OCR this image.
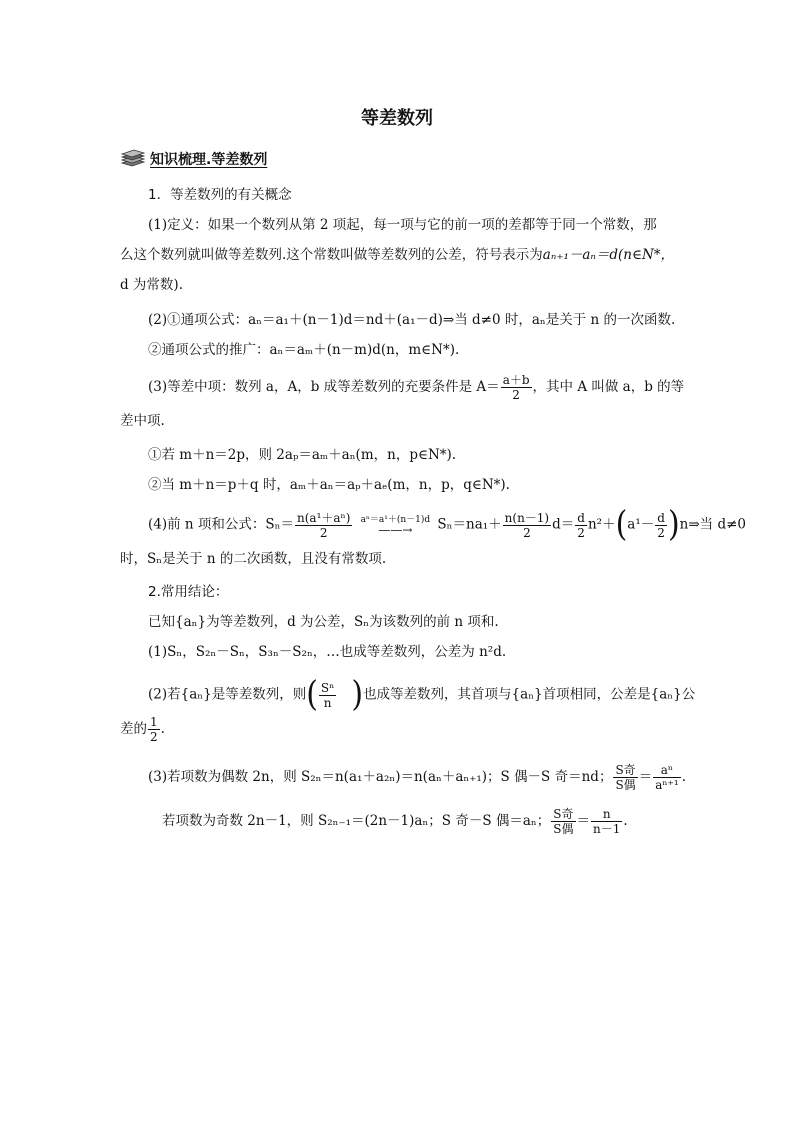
等差数列
知识梳理.等差数列
1．等差数列的有关概念
(1)定义：如果一个数列从第 2 项起，每一项与它的前一项的差都等于同一个常数，那
么这个数列就叫做等差数列.这个常数叫做等差数列的公差，符号表示为aₙ₊₁－aₙ＝d(n∈N*，
d 为常数).
(2)①通项公式：aₙ＝a₁＋(n－1)d＝nd＋(a₁－d)⇒当 d≠0 时，aₙ是关于 n 的一次函数.
②通项公式的推广：aₙ＝aₘ＋(n－m)d(n，m∈N*).
(3)等差中项：数列 a，A，b 成等差数列的充要条件是 $A= \frac{a+b}{2}$ ，其中 A 叫做 a，b 的等
差中项.
①若 m＋n＝2p，则 2aₚ＝aₘ＋aₙ(m，n，p∈N*).
②当 m＋n＝p＋q 时，aₘ＋aₙ＝aₚ＋aₑ(m，n，p，q∈N*).
(4)前 n 项和公式：$S_n= \frac{\text{n(a¹＋aⁿ)}}{2} a^n=a^1+(n-1)d$
——→	$S_n=na_1+ \frac{n(n-1)}{2} d= \frac{d}{2} n^2+(a^1- \frac{d}{2}$ )n⇒当 d≠0
时，Sₙ是关于 n 的二次函数，且没有常数项.
2.常用结论：
已知{aₙ}为等差数列，d 为公差，Sₙ为该数列的前 n 项和.
(1)Sₙ，S₂ₙ－Sₙ，S₃ₙ－S₂ₙ，…也成等差数列，公差为 n²d.
(2)若{aₙ}是等差数列，则( $\frac{\text{Sⁿ}}{n}$ )也成等差数列，其首项与{aₙ}首项相同，公差是{aₙ}公
差的 $\frac{1}{2}$ .
(3)若项数为偶数 2n，则 S₂ₙ＝n(a₁＋a₂ₙ)＝n(aₙ＋aₙ₊₁)；S 偶－S 奇＝nd； $\frac{\text{S奇}}{\text{S偶}} = \frac{\text{aⁿ}}{\text{aⁿ⁺¹}}$ .
若项数为奇数 2n－1，则 S₂ₙ₋₁＝(2n－1)aₙ；S 奇－S 偶＝aₙ； $\frac{\text{S奇}}{\text{S偶}} = \frac{n}{n-1}$ .
